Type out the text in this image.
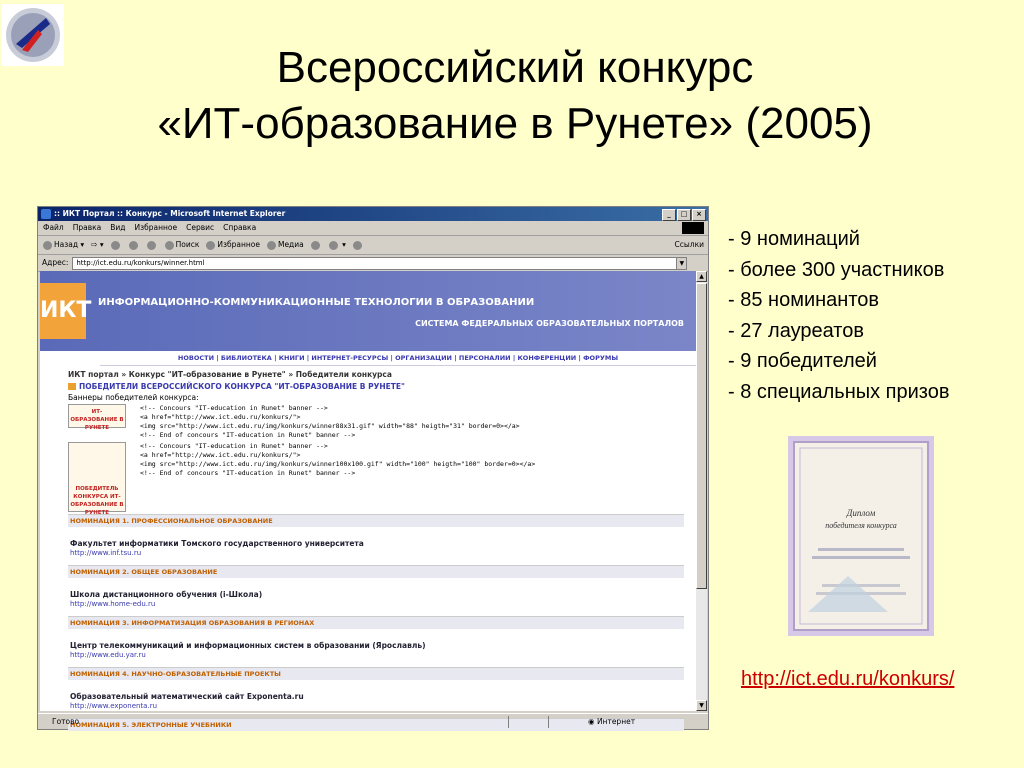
Всероссийский конкурс
«ИТ-образование в Рунете» (2005)
:: ИКТ Портал :: Конкурс - Microsoft Internet Explorer	_	□	×
Файл Правка Вид Избранное Сервис Справка
Назад ▾ ⇨ ▾	Поиск	Избранное	Медиа	▾	Ссылки
Адрес:	http://ict.edu.ru/konkurs/winner.html	▼
ИКТ ИНФОРМАЦИОННО-КОММУНИКАЦИОННЫЕ ТЕХНОЛОГИИ В ОБРАЗОВАНИИ
СИСТЕМА ФЕДЕРАЛЬНЫХ ОБРАЗОВАТЕЛЬНЫХ ПОРТАЛОВ
НОВОСТИ | БИБЛИОТЕКА | КНИГИ | ИНТЕРНЕТ-РЕСУРСЫ | ОРГАНИЗАЦИИ | ПЕРСОНАЛИИ | КОНФЕРЕНЦИИ | ФОРУМЫ
ИКТ портал » Конкурс "ИТ-образование в Рунете" » Победители конкурса
ПОБЕДИТЕЛИ ВСЕРОССИЙСКОГО КОНКУРСА "ИТ-ОБРАЗОВАНИЕ В РУНЕТЕ"
Баннеры победителей конкурса:
ИТ-ОБРАЗОВАНИЕ В РУНЕТЕ
<!-- Concours "IT-education in Runet" banner -->
<a href="http://www.ict.edu.ru/konkurs/">
<img src="http://www.ict.edu.ru/img/konkurs/winner88x31.gif" width="88" heigth="31" border=0></a>
<!-- End of concours "IT-education in Runet" banner -->
ПОБЕДИТЕЛЬ КОНКУРСА ИТ-ОБРАЗОВАНИЕ В РУНЕТЕ
<!-- Concours "IT-education in Runet" banner -->
<a href="http://www.ict.edu.ru/konkurs/">
<img src="http://www.ict.edu.ru/img/konkurs/winner100x100.gif" width="100" heigth="100" border=0></a>
<!-- End of concours "IT-education in Runet" banner -->
НОМИНАЦИЯ 1. ПРОФЕССИОНАЛЬНОЕ ОБРАЗОВАНИЕ
Факультет информатики Томского государственного университета
http://www.inf.tsu.ru
НОМИНАЦИЯ 2. ОБЩЕЕ ОБРАЗОВАНИЕ
Школа дистанционного обучения (i-Школа)
http://www.home-edu.ru
НОМИНАЦИЯ 3. ИНФОРМАТИЗАЦИЯ ОБРАЗОВАНИЯ В РЕГИОНАХ
Центр телекоммуникаций и информационных систем в образовании (Ярославль)
http://www.edu.yar.ru
НОМИНАЦИЯ 4. НАУЧНО-ОБРАЗОВАТЕЛЬНЫЕ ПРОЕКТЫ
Образовательный математический сайт Exponenta.ru
http://www.exponenta.ru
НОМИНАЦИЯ 5. ЭЛЕКТРОННЫЕ УЧЕБНИКИ
▲
▼
Готово	◉ Интернет
- 9 номинаций
- более 300 участников
- 85 номинантов
- 27 лауреатов
- 9 победителей
- 8 специальных призов
Диплом
победителя конкурса
http://ict.edu.ru/konkurs/
